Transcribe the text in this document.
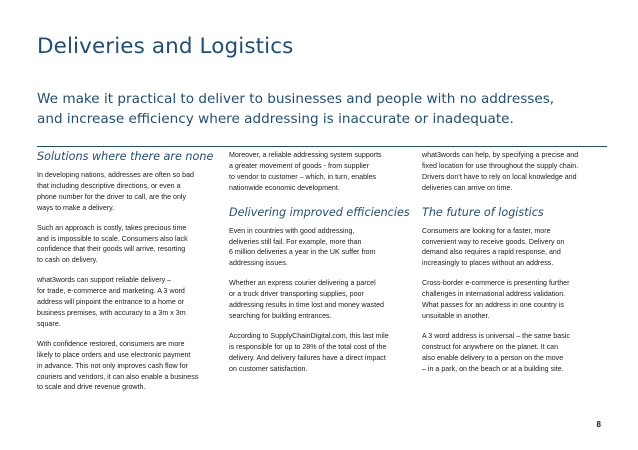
Deliveries and Logistics
We make it practical to deliver to businesses and people with no addresses,
and increase efficiency where addressing is inaccurate or inadequate.
Solutions where there are none
In developing nations, addresses are often so bad
that including descriptive directions, or even a
phone number for the driver to call, are the only
ways to make a delivery.
Such an approach is costly, takes precious time
and is impossible to scale. Consumers also lack
confidence that their goods will arrive, resorting
to cash on delivery.
what3words can support reliable delivery –
for trade, e-commerce and marketing. A 3 word
address will pinpoint the entrance to a home or
business premises, with accuracy to a 3m x 3m
square.
With confidence restored, consumers are more
likely to place orders and use electronic payment
in advance. This not only improves cash flow for
couriers and vendors, it can also enable a business
to scale and drive revenue growth.
Moreover, a reliable addressing system supports
a greater movement of goods - from supplier
to vendor to customer – which, in turn, enables
nationwide economic development.
Delivering improved efficiencies
Even in countries with good addressing,
deliveries still fail. For example, more than
6 million deliveries a year in the UK suffer from
addressing issues.
Whether an express courier delivering a parcel
or a truck driver transporting supplies, poor
addressing results in time lost and money wasted
searching for building entrances.
According to SupplyChainDigital.com, this last mile
is responsible for up to 28% of the total cost of the
delivery. And delivery failures have a direct impact
on customer satisfaction.
what3words can help, by specifying a precise and
fixed location for use throughout the supply chain.
Drivers don’t have to rely on local knowledge and
deliveries can arrive on time.
The future of logistics
Consumers are looking for a faster, more
convenient way to receive goods. Delivery on
demand also requires a rapid response, and
increasingly to places without an address.
Cross-border e-commerce is presenting further
challenges in international address validation.
What passes for an address in one country is
unsuitable in another.
A 3 word address is universal – the same basic
construct for anywhere on the planet. It can
also enable delivery to a person on the move
– in a park, on the beach or at a building site.
8
